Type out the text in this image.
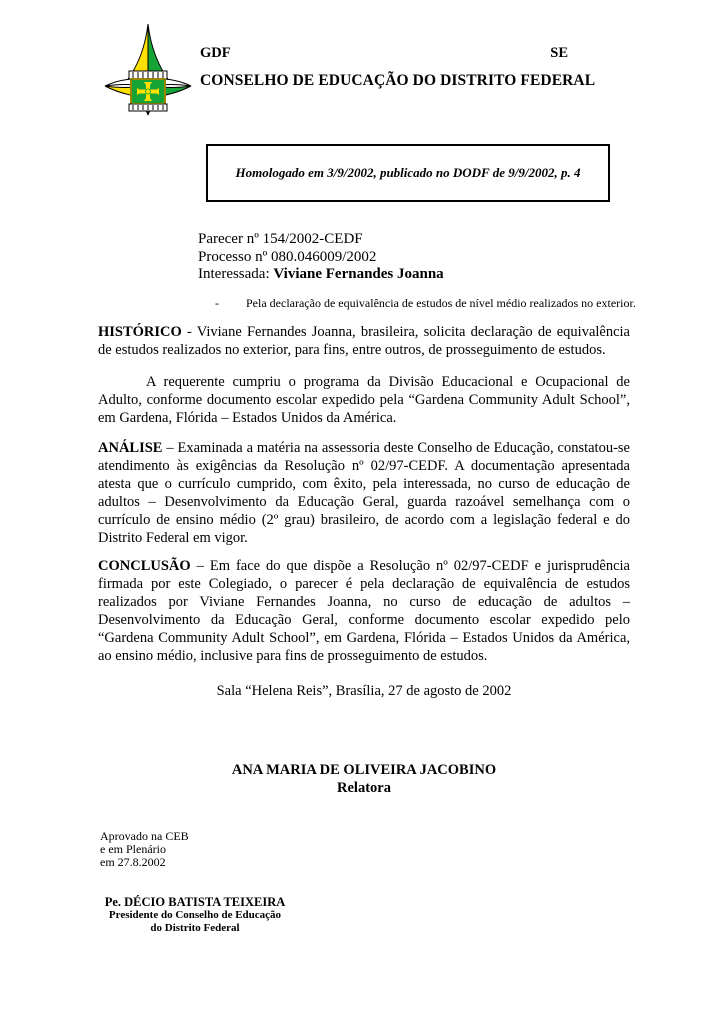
GDF	SE
CONSELHO DE EDUCAÇÃO DO DISTRITO FEDERAL
Homologado em 3/9/2002, publicado no DODF de 9/9/2002, p. 4
Parecer nº 154/2002-CEDF
Processo nº 080.046009/2002
Interessada: Viviane Fernandes Joanna
- Pela declaração de equivalência de estudos de nível médio realizados no exterior.

HISTÓRICO - Viviane Fernandes Joanna, brasileira, solicita declaração de equivalência de estudos realizados no exterior, para fins, entre outros, de prosseguimento de estudos.

A requerente cumpriu o programa da Divisão Educacional e Ocupacional de Adulto, conforme documento escolar expedido pela “Gardena Community Adult School”, em Gardena, Flórida – Estados Unidos da América.

ANÁLISE – Examinada a matéria na assessoria deste Conselho de Educação, constatou-se atendimento às exigências da Resolução nº 02/97-CEDF. A documentação apresentada atesta que o currículo cumprido, com êxito, pela interessada, no curso de educação de adultos – Desenvolvimento da Educação Geral, guarda razoável semelhança com o currículo de ensino médio (2º grau) brasileiro, de acordo com a legislação federal e do Distrito Federal em vigor.

CONCLUSÃO – Em face do que dispõe a Resolução nº 02/97-CEDF e jurisprudência firmada por este Colegiado, o parecer é pela declaração de equivalência de estudos realizados por Viviane Fernandes Joanna, no curso de educação de adultos – Desenvolvimento da Educação Geral, conforme documento escolar expedido pelo “Gardena Community Adult School”, em Gardena, Flórida – Estados Unidos da América, ao ensino médio, inclusive para fins de prosseguimento de estudos.

Sala “Helena Reis”, Brasília, 27 de agosto de 2002
ANA MARIA DE OLIVEIRA JACOBINO
Relatora
Aprovado na CEB
e em Plenário
em 27.8.2002
Pe. DÉCIO BATISTA TEIXEIRA
Presidente do Conselho de Educação
do Distrito Federal
